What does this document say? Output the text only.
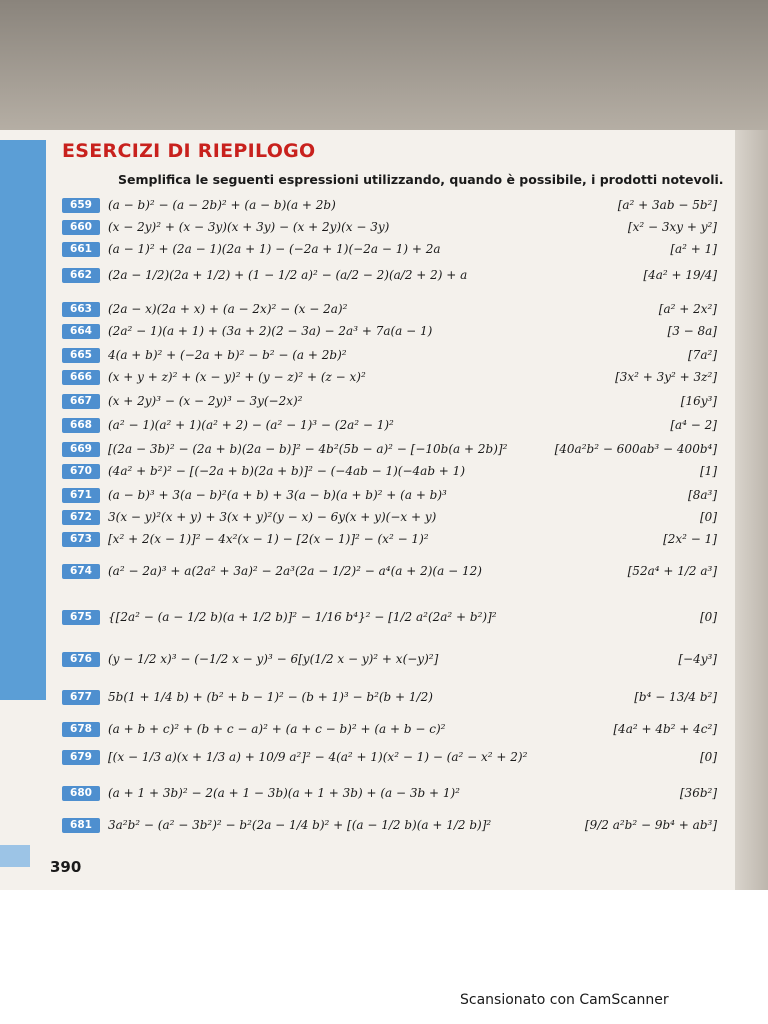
ESERCIZI DI RIEPILOGO
Semplifica le seguenti espressioni utilizzando, quando è possibile, i prodotti notevoli.
659	(a − b)² − (a − 2b)² + (a − b)(a + 2b)	[a² + 3ab − 5b²]
660	(x − 2y)² + (x − 3y)(x + 3y) − (x + 2y)(x − 3y)	[x² − 3xy + y²]
661	(a − 1)² + (2a − 1)(2a + 1) − (−2a + 1)(−2a − 1) + 2a	[a² + 1]
662	(2a − 1/2)(2a + 1/2) + (1 − 1/2 a)² − (a/2 − 2)(a/2 + 2) + a	[4a² + 19/4]
663	(2a − x)(2a + x) + (a − 2x)² − (x − 2a)²	[a² + 2x²]
664	(2a² − 1)(a + 1) + (3a + 2)(2 − 3a) − 2a³ + 7a(a − 1)	[3 − 8a]
665	4(a + b)² + (−2a + b)² − b² − (a + 2b)²	[7a²]
666	(x + y + z)² + (x − y)² + (y − z)² + (z − x)²	[3x² + 3y² + 3z²]
667	(x + 2y)³ − (x − 2y)³ − 3y(−2x)²	[16y³]
668	(a² − 1)(a² + 1)(a² + 2) − (a² − 1)³ − (2a² − 1)²	[a⁴ − 2]
669	[(2a − 3b)² − (2a + b)(2a − b)]² − 4b²(5b − a)² − [−10b(a + 2b)]²	[40a²b² − 600ab³ − 400b⁴]
670	(4a² + b²)² − [(−2a + b)(2a + b)]² − (−4ab − 1)(−4ab + 1)	[1]
671	(a − b)³ + 3(a − b)²(a + b) + 3(a − b)(a + b)² + (a + b)³	[8a³]
672	3(x − y)²(x + y) + 3(x + y)²(y − x) − 6y(x + y)(−x + y)	[0]
673	[x² + 2(x − 1)]² − 4x²(x − 1) − [2(x − 1)]² − (x² − 1)²	[2x² − 1]
674	(a² − 2a)³ + a(2a² + 3a)² − 2a³(2a − 1/2)² − a⁴(a + 2)(a − 12)	[52a⁴ + 1/2 a³]
675	{[2a² − (a − 1/2 b)(a + 1/2 b)]² − 1/16 b⁴}² − [1/2 a²(2a² + b²)]²	[0]
676	(y − 1/2 x)³ − (−1/2 x − y)³ − 6[y(1/2 x − y)² + x(−y)²]	[−4y³]
677	5b(1 + 1/4 b) + (b² + b − 1)² − (b + 1)³ − b²(b + 1/2)	[b⁴ − 13/4 b²]
678	(a + b + c)² + (b + c − a)² + (a + c − b)² + (a + b − c)²	[4a² + 4b² + 4c²]
679	[(x − 1/3 a)(x + 1/3 a) + 10/9 a²]² − 4(a² + 1)(x² − 1) − (a² − x² + 2)²	[0]
680	(a + 1 + 3b)² − 2(a + 1 − 3b)(a + 1 + 3b) + (a − 3b + 1)²	[36b²]
681	3a²b² − (a² − 3b²)² − b²(2a − 1/4 b)² + [(a − 1/2 b)(a + 1/2 b)]²	[9/2 a²b² − 9b⁴ + ab³]
390
Scansionato con CamScanner
